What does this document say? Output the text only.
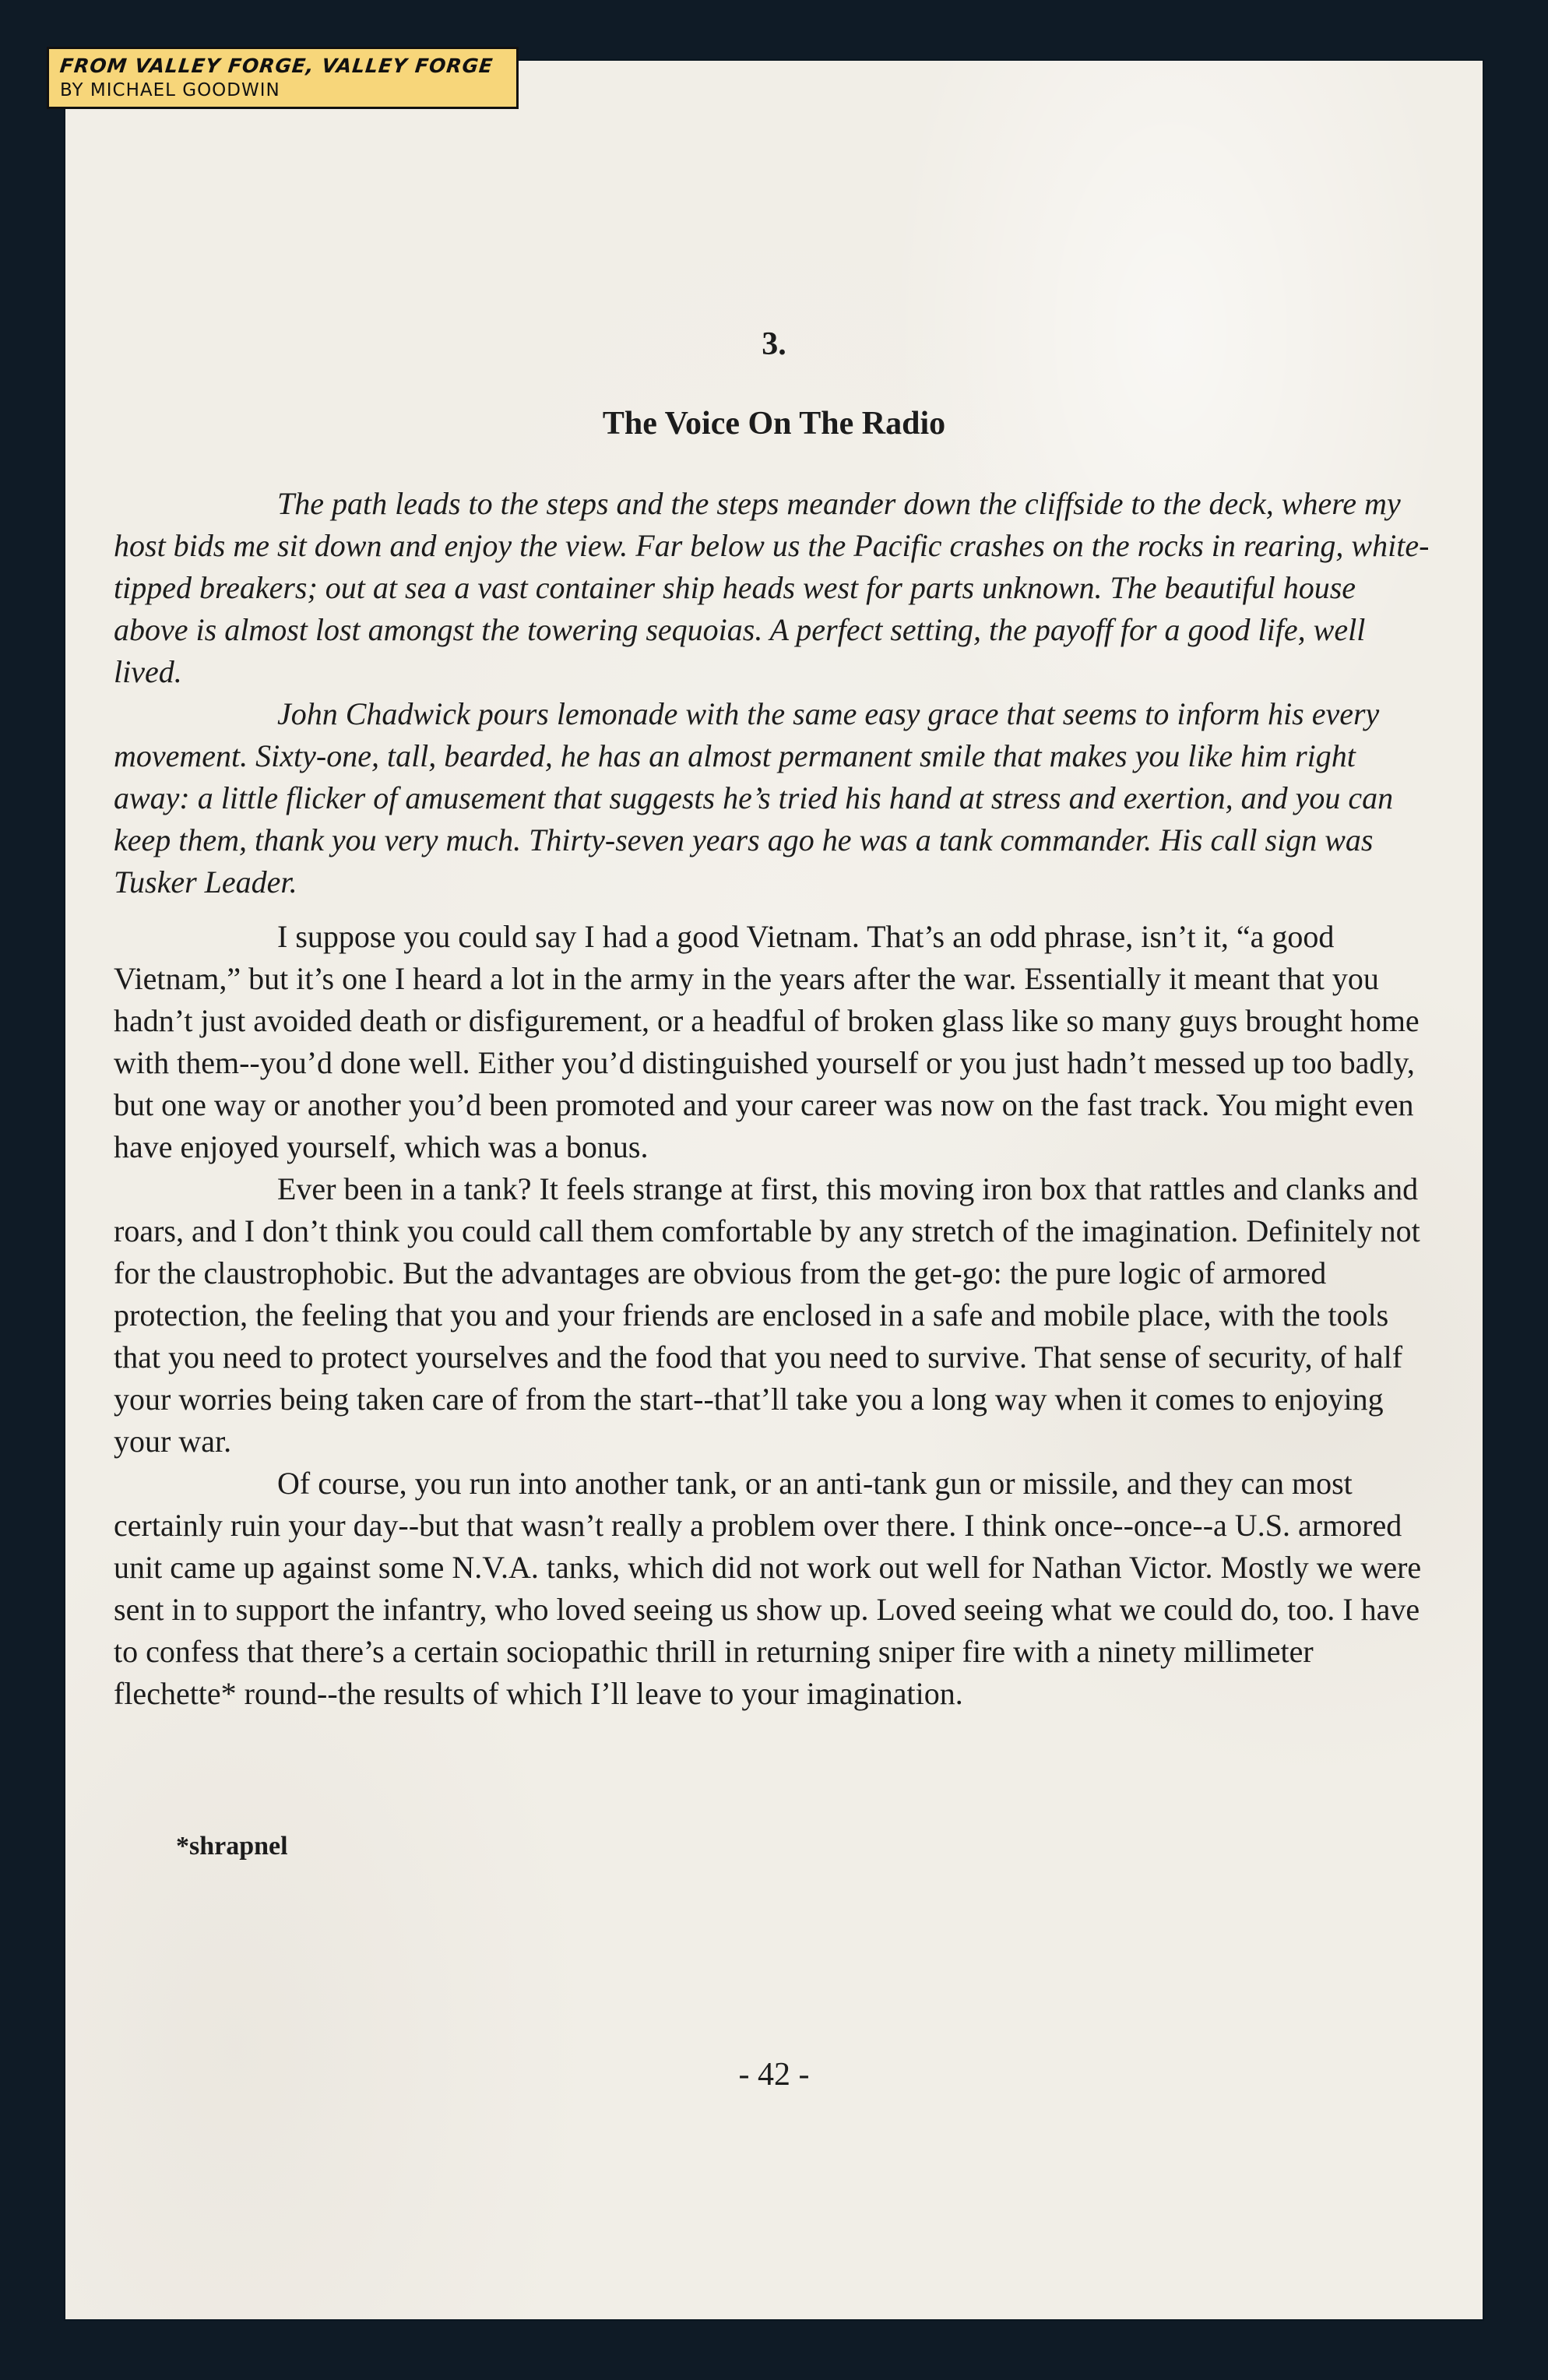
FROM VALLEY FORGE, VALLEY FORGE
BY MICHAEL GOODWIN
3.
The Voice On The Radio

The path leads to the steps and the steps meander down the cliffside to the deck, where my host bids me sit down and enjoy the view. Far below us the Pacific crashes on the rocks in rearing, white-tipped breakers; out at sea a vast container ship heads west for parts unknown. The beautiful house above is almost lost amongst the towering sequoias. A perfect setting, the payoff for a good life, well lived.

John Chadwick pours lemonade with the same easy grace that seems to inform his every movement. Sixty-one, tall, bearded, he has an almost permanent smile that makes you like him right away: a little flicker of amusement that suggests he’s tried his hand at stress and exertion, and you can keep them, thank you very much. Thirty-seven years ago he was a tank commander. His call sign was Tusker Leader.

I suppose you could say I had a good Vietnam. That’s an odd phrase, isn’t it, “a good Vietnam,” but it’s one I heard a lot in the army in the years after the war. Essentially it meant that you hadn’t just avoided death or disfigurement, or a headful of broken glass like so many guys brought home with them--you’d done well. Either you’d distinguished yourself or you just hadn’t messed up too badly, but one way or another you’d been promoted and your career was now on the fast track. You might even have enjoyed yourself, which was a bonus.

Ever been in a tank? It feels strange at first, this moving iron box that rattles and clanks and roars, and I don’t think you could call them comfortable by any stretch of the imagination. Definitely not for the claustrophobic. But the advantages are obvious from the get-go: the pure logic of armored protection, the feeling that you and your friends are enclosed in a safe and mobile place, with the tools that you need to protect yourselves and the food that you need to survive. That sense of security, of half your worries being taken care of from the start--that’ll take you a long way when it comes to enjoying your war.

Of course, you run into another tank, or an anti-tank gun or missile, and they can most certainly ruin your day--but that wasn’t really a problem over there. I think once--once--a U.S. armored unit came up against some N.V.A. tanks, which did not work out well for Nathan Victor. Mostly we were sent in to support the infantry, who loved seeing us show up. Loved seeing what we could do, too. I have to confess that there’s a certain sociopathic thrill in returning sniper fire with a ninety millimeter flechette* round--the results of which I’ll leave to your imagination.

*shrapnel
- 42 -
